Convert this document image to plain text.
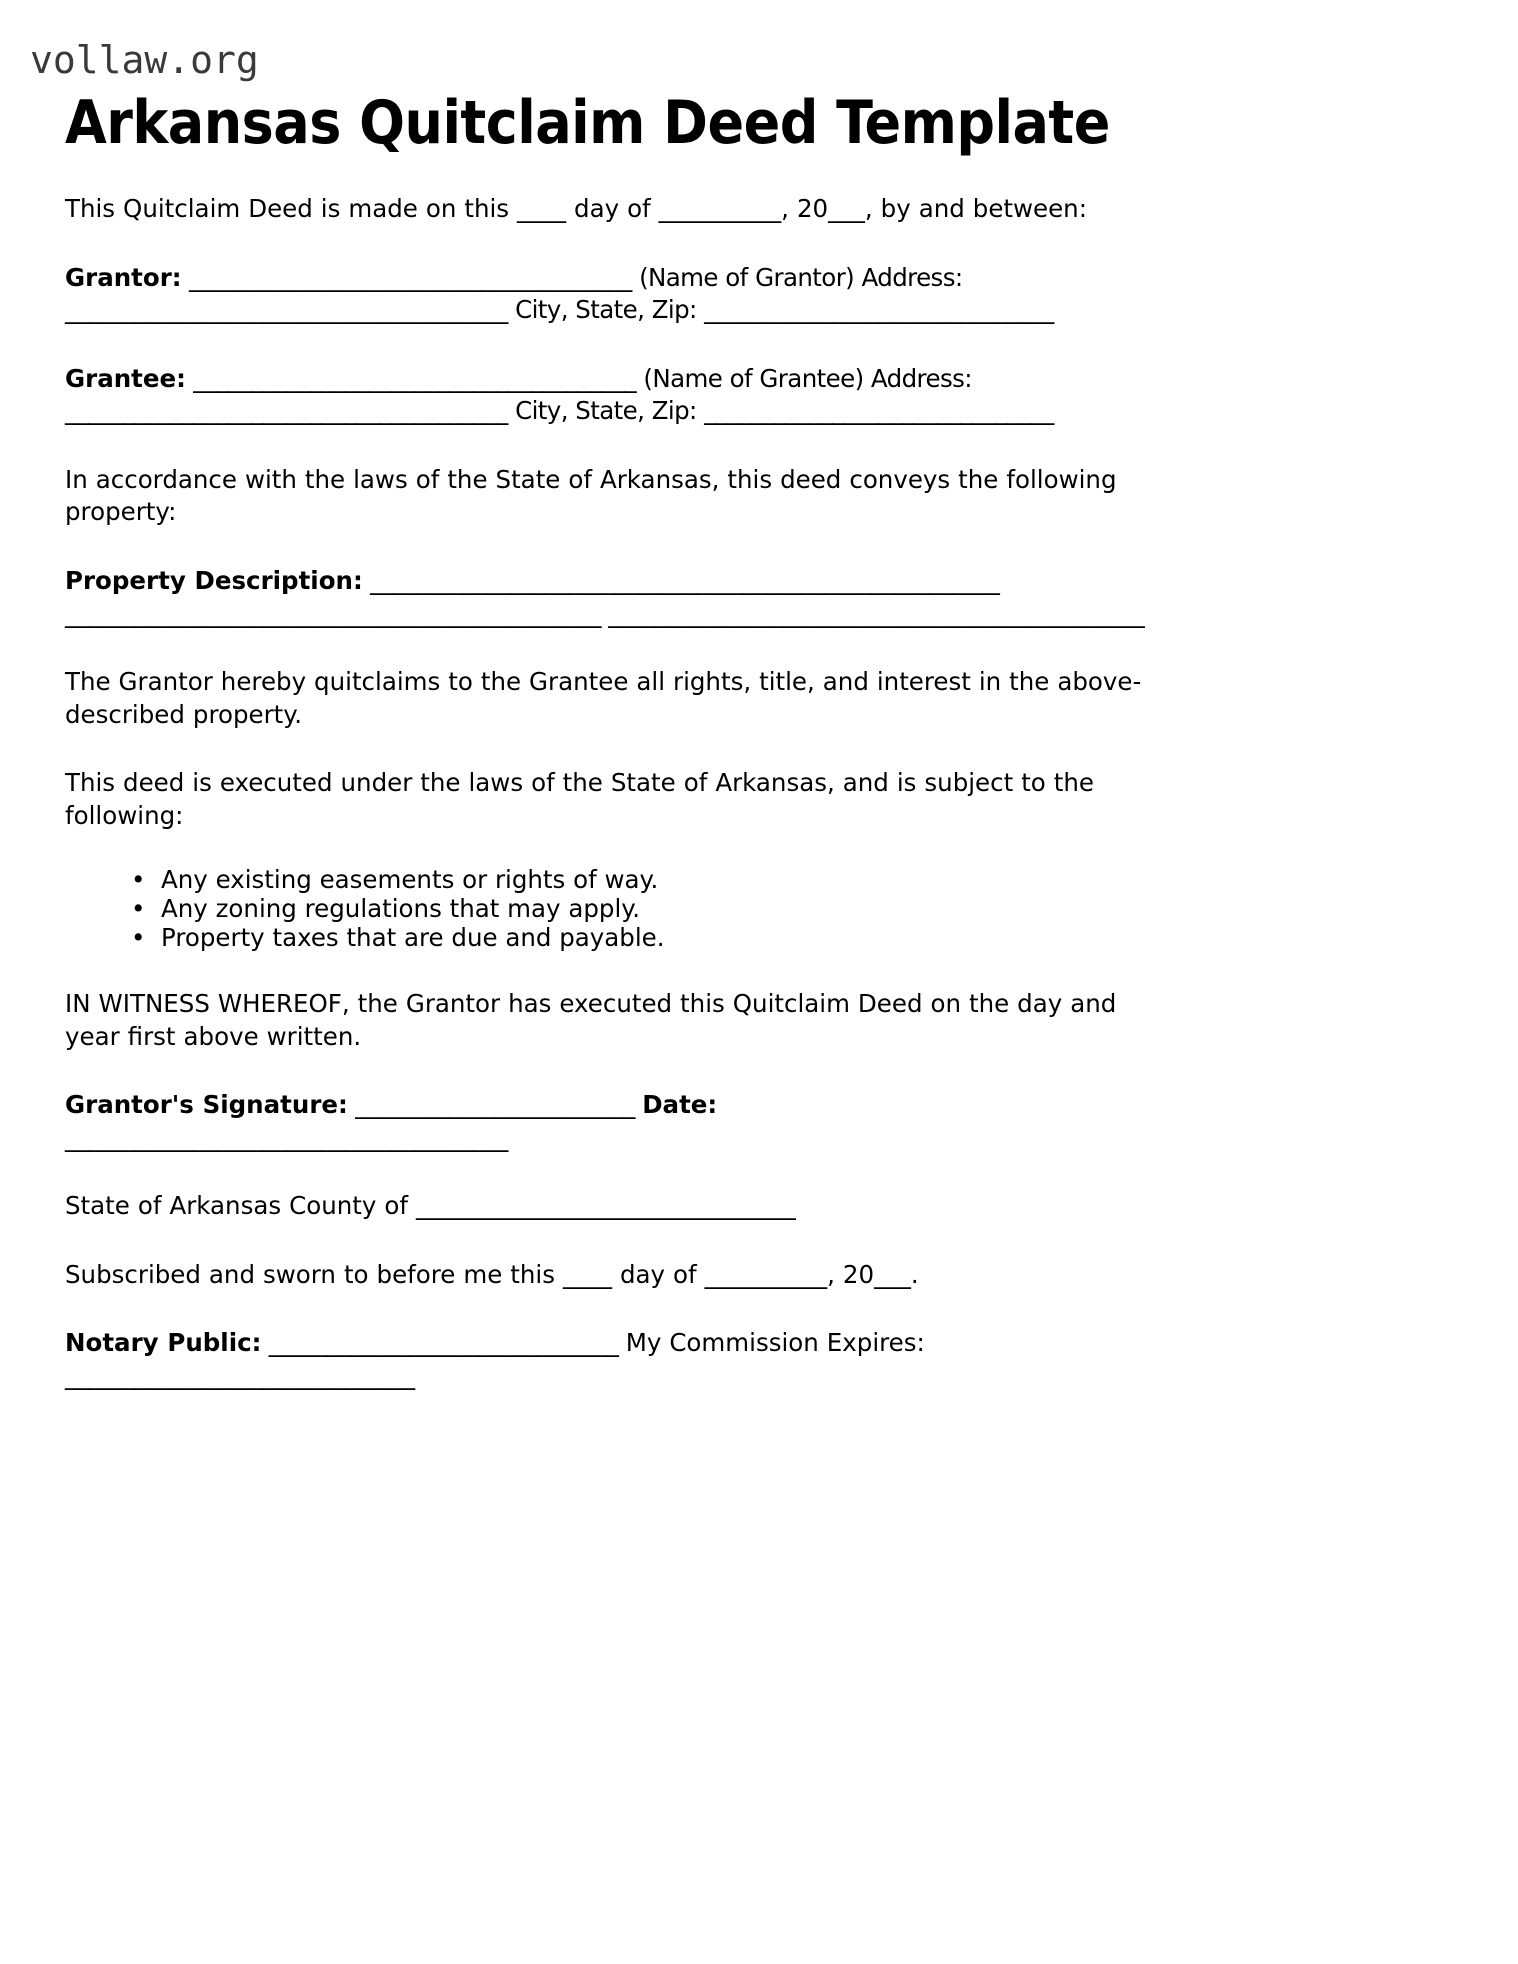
vollaw.org
Arkansas Quitclaim Deed Template

This Quitclaim Deed is made on this ____ day of __________, 20___, by and between:

Grantor: ______________________________________ (Name of Grantor) Address: ______________________________________ City, State, Zip: ______________________________

Grantee: ______________________________________ (Name of Grantee) Address: ______________________________________ City, State, Zip: ______________________________

In accordance with the laws of the State of Arkansas, this deed conveys the following property:

Property Description: ______________________________________________________ ______________________________________________ ______________________________________________

The Grantor hereby quitclaims to the Grantee all rights, title, and interest in the above-described property.

This deed is executed under the laws of the State of Arkansas, and is subject to the following:

• Any existing easements or rights of way.
• Any zoning regulations that may apply.
• Property taxes that are due and payable.

IN WITNESS WHEREOF, the Grantor has executed this Quitclaim Deed on the day and year first above written.

Grantor's Signature: ________________________ Date: ______________________________________

State of Arkansas County of _______________________________

Subscribed and sworn to before me this ____ day of __________, 20___.

Notary Public: ______________________________ My Commission Expires: ______________________________
